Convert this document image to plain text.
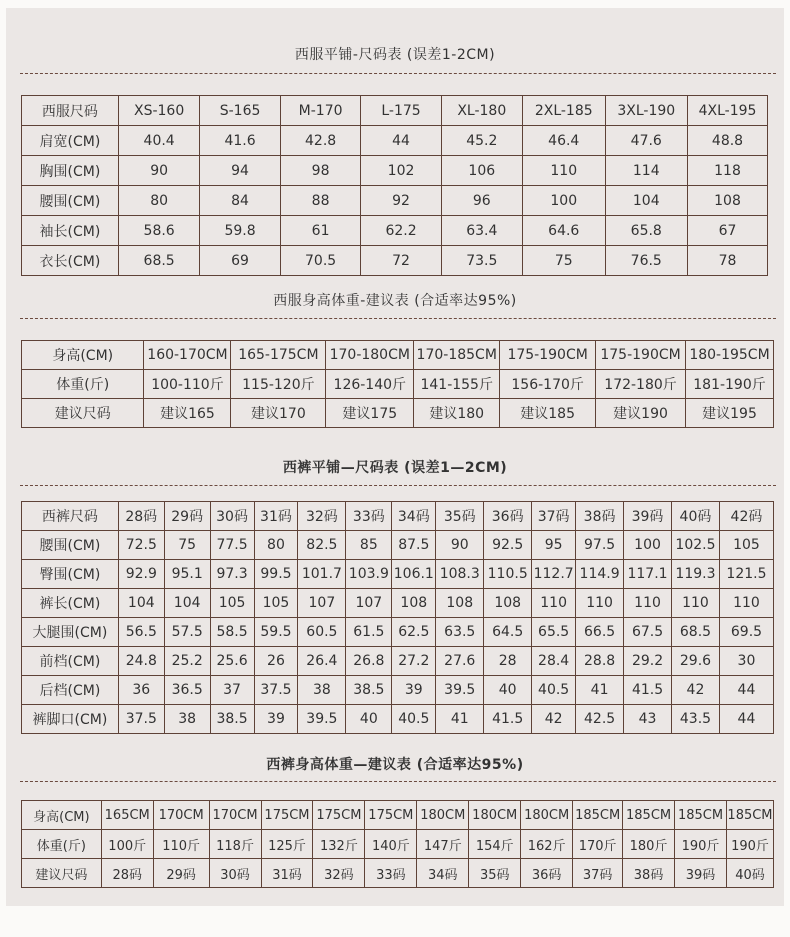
西服平铺-尺码表 (误差1-2CM)
西服尺码	XS-160	S-165	M-170	L-175	XL-180	2XL-185	3XL-190	4XL-195
肩宽(CM)	40.4	41.6	42.8	44	45.2	46.4	47.6	48.8
胸围(CM)	90	94	98	102	106	110	114	118
腰围(CM)	80	84	88	92	96	100	104	108
袖长(CM)	58.6	59.8	61	62.2	63.4	64.6	65.8	67
衣长(CM)	68.5	69	70.5	72	73.5	75	76.5	78
西服身高体重-建议表 (合适率达95%)
身高(CM)	160-170CM	165-175CM	170-180CM	170-185CM	175-190CM	175-190CM	180-195CM
体重(斤)	100-110斤	115-120斤	126-140斤	141-155斤	156-170斤	172-180斤	181-190斤
建议尺码	建议165	建议170	建议175	建议180	建议185	建议190	建议195
西裤平铺—尺码表 (误差1—2CM)
西裤尺码	28码	29码	30码	31码	32码	33码	34码	35码	36码	37码	38码	39码	40码	42码
腰围(CM)	72.5	75	77.5	80	82.5	85	87.5	90	92.5	95	97.5	100	102.5	105
臀围(CM)	92.9	95.1	97.3	99.5	101.7	103.9	106.1	108.3	110.5	112.7	114.9	117.1	119.3	121.5
裤长(CM)	104	104	105	105	107	107	108	108	108	110	110	110	110	110
大腿围(CM)	56.5	57.5	58.5	59.5	60.5	61.5	62.5	63.5	64.5	65.5	66.5	67.5	68.5	69.5
前档(CM)	24.8	25.2	25.6	26	26.4	26.8	27.2	27.6	28	28.4	28.8	29.2	29.6	30
后档(CM)	36	36.5	37	37.5	38	38.5	39	39.5	40	40.5	41	41.5	42	44
裤脚口(CM)	37.5	38	38.5	39	39.5	40	40.5	41	41.5	42	42.5	43	43.5	44
西裤身高体重—建议表 (合适率达95%)
身高(CM)	165CM	170CM	170CM	175CM	175CM	175CM	180CM	180CM	180CM	185CM	185CM	185CM	185CM
体重(斤)	100斤	110斤	118斤	125斤	132斤	140斤	147斤	154斤	162斤	170斤	180斤	190斤	190斤
建议尺码	28码	29码	30码	31码	32码	33码	34码	35码	36码	37码	38码	39码	40码
